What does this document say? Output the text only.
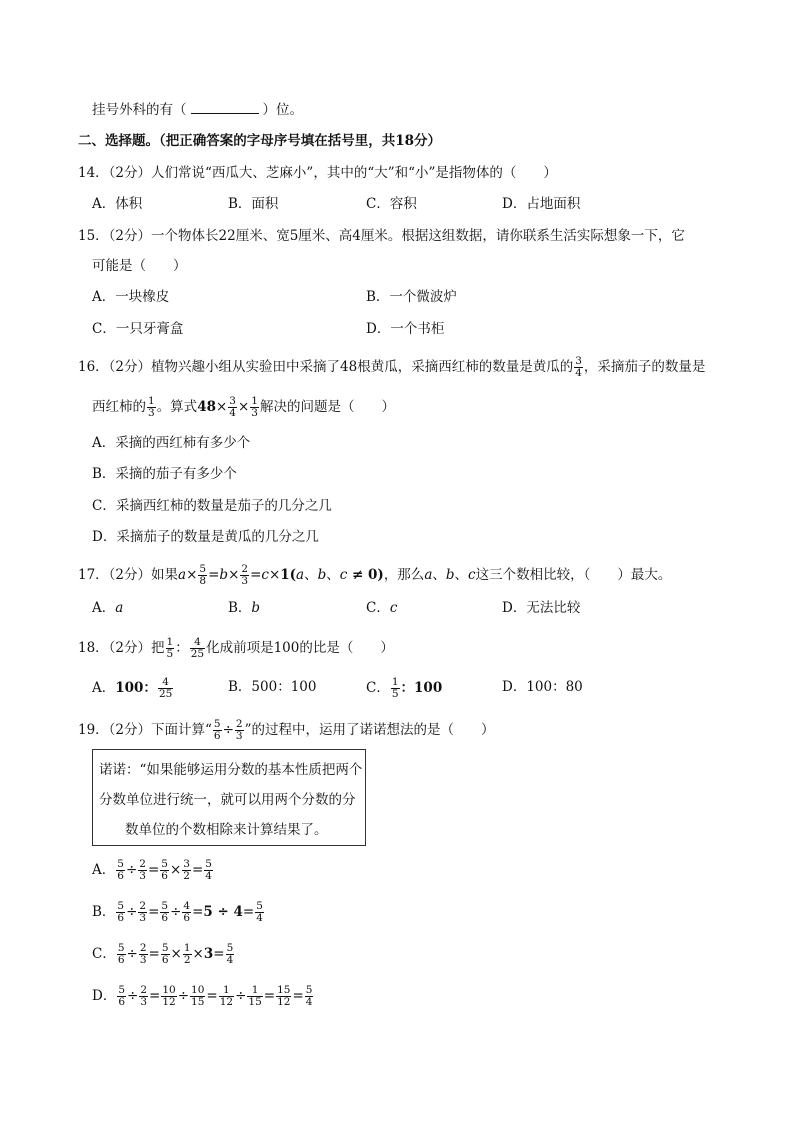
挂号外科的有（	）位。
二、选择题。（把正确答案的字母序号填在括号里，共18分）
14．（2分）人们常说“西瓜大、芝麻小”，其中的“大”和“小”是指物体的（　　）
A．体积	B．面积	C．容积	D．占地面积
15．（2分）一个物体长22厘米、宽5厘米、高4厘米。根据这组数据，请你联系生活实际想象一下，它
可能是（　　）
A．一块橡皮	B．一个微波炉
C．一只牙膏盒	D．一个书柜
16．（2分）植物兴趣小组从实验田中采摘了48根黄瓜，采摘西红柿的数量是黄瓜的 $\frac{3}{4}$ ，采摘茄子的数量是
西红柿的 $\frac{1}{3}$ 。算式$48\times \frac{3}{4} \times \frac{1}{3}$ 解决的问题是（　　）
A．采摘的西红柿有多少个
B．采摘的茄子有多少个
C．采摘西红柿的数量是茄子的几分之几
D．采摘茄子的数量是黄瓜的几分之几
17．（2分）如果$a\times \frac{5}{8} =b\times \frac{2}{3} =c\times 1(a$、b、c ≠ 0)，那么a、b、c这三个数相比较，（　　）最大。
A．a	B．b	C．c	D．无法比较
18．（2分）把 $\frac{1}{5}$ ： $\frac{4}{25}$ 化成前项是100的比是（　　）
A．100： $\frac{4}{25}$	B．500：100	C． $\frac{1}{5}$ ：100	D．100：80
19．（2分）下面计算“ $\frac{5}{6} \div \frac{2}{3}$ ”的过程中，运用了诺诺想法的是（　　）
诺诺：“如果能够运用分数的基本性质把两个
分数单位进行统一，就可以用两个分数的分
数单位的个数相除来计算结果了。
A． $\frac{5}{6} \div \frac{2}{3} = \frac{5}{6} \times \frac{3}{2} = \frac{5}{4}$
B． $\frac{5}{6} \div \frac{2}{3} = \frac{5}{6} \div \frac{4}{6} =5 \div 4= \frac{5}{4}$
C． $\frac{5}{6} \div \frac{2}{3} = \frac{5}{6} \times \frac{1}{2} \times 3= \frac{5}{4}$
D． $\frac{5}{6} \div \frac{2}{3} = \frac{10}{12} \div \frac{10}{15} = \frac{1}{12} \div \frac{1}{15} = \frac{15}{12} = \frac{5}{4}$
